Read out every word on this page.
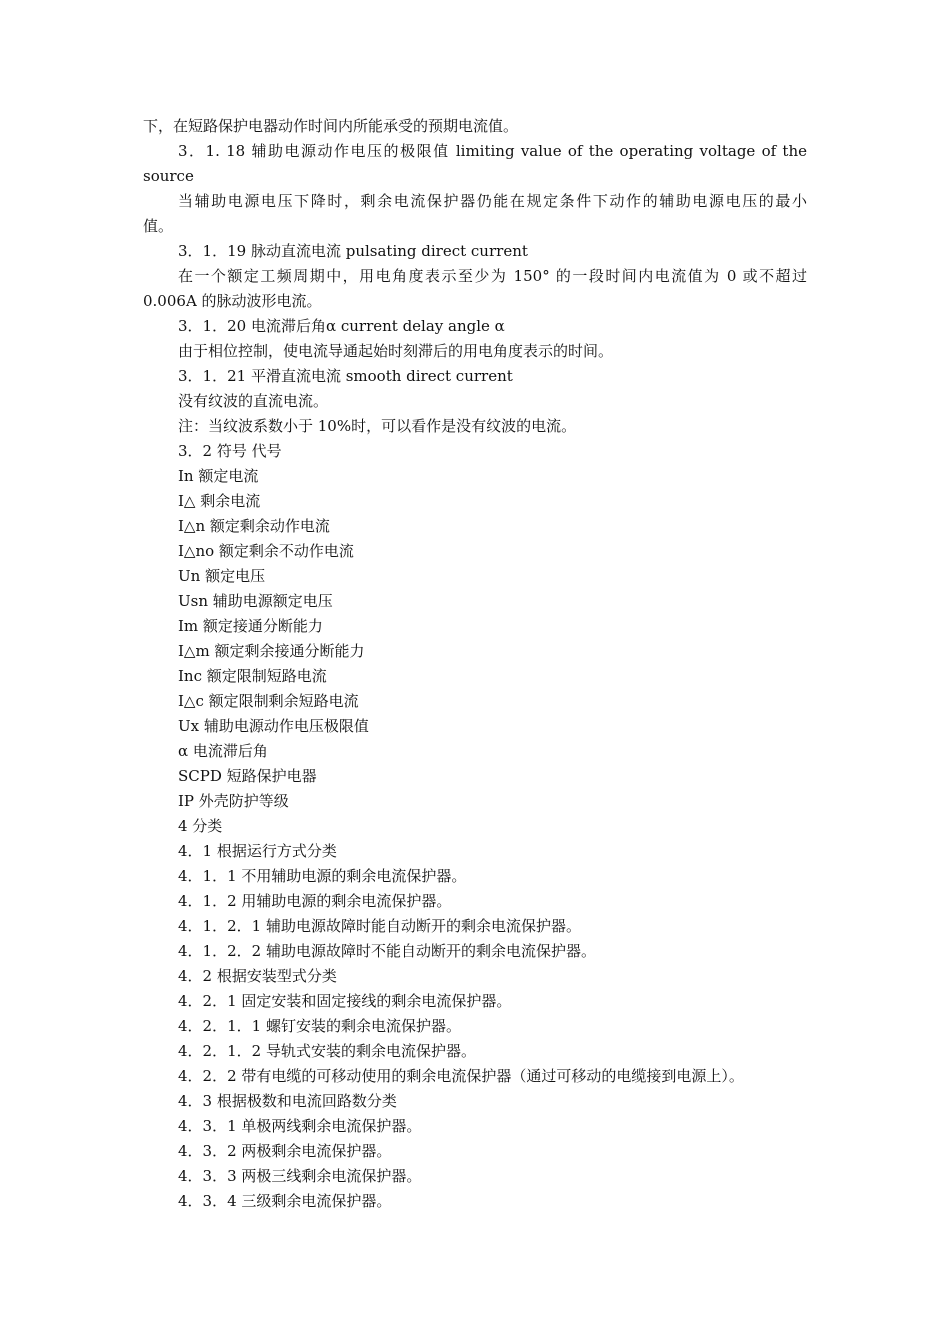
下，在短路保护电器动作时间内所能承受的预期电流值。
3．1. 18 辅助电源动作电压的极限值 limiting value of the operating voltage of the
source
当辅助电源电压下降时，剩余电流保护器仍能在规定条件下动作的辅助电源电压的最小
值。
3．1．19 脉动直流电流 pulsating direct current
在一个额定工频周期中，用电角度表示至少为 150° 的一段时间内电流值为 0 或不超过
0.006A 的脉动波形电流。
3．1．20 电流滞后角α current delay angle α
由于相位控制，使电流导通起始时刻滞后的用电角度表示的时间。
3．1．21 平滑直流电流 smooth direct current
没有纹波的直流电流。
注：当纹波系数小于 10%时，可以看作是没有纹波的电流。
3．2 符号 代号
In 额定电流
I△ 剩余电流
I△n 额定剩余动作电流
I△no 额定剩余不动作电流
Un 额定电压
Usn 辅助电源额定电压
Im 额定接通分断能力
I△m 额定剩余接通分断能力
Inc 额定限制短路电流
I△c 额定限制剩余短路电流
Ux 辅助电源动作电压极限值
α 电流滞后角
SCPD 短路保护电器
IP 外壳防护等级
4 分类
4．1 根据运行方式分类
4．1．1 不用辅助电源的剩余电流保护器。
4．1．2 用辅助电源的剩余电流保护器。
4．1．2．1 辅助电源故障时能自动断开的剩余电流保护器。
4．1．2．2 辅助电源故障时不能自动断开的剩余电流保护器。
4．2 根据安装型式分类
4．2．1 固定安装和固定接线的剩余电流保护器。
4．2．1．1 螺钉安装的剩余电流保护器。
4．2．1．2 导轨式安装的剩余电流保护器。
4．2．2 带有电缆的可移动使用的剩余电流保护器（通过可移动的电缆接到电源上）。
4．3 根据极数和电流回路数分类
4．3．1 单极两线剩余电流保护器。
4．3．2 两极剩余电流保护器。
4．3．3 两极三线剩余电流保护器。
4．3．4 三级剩余电流保护器。
